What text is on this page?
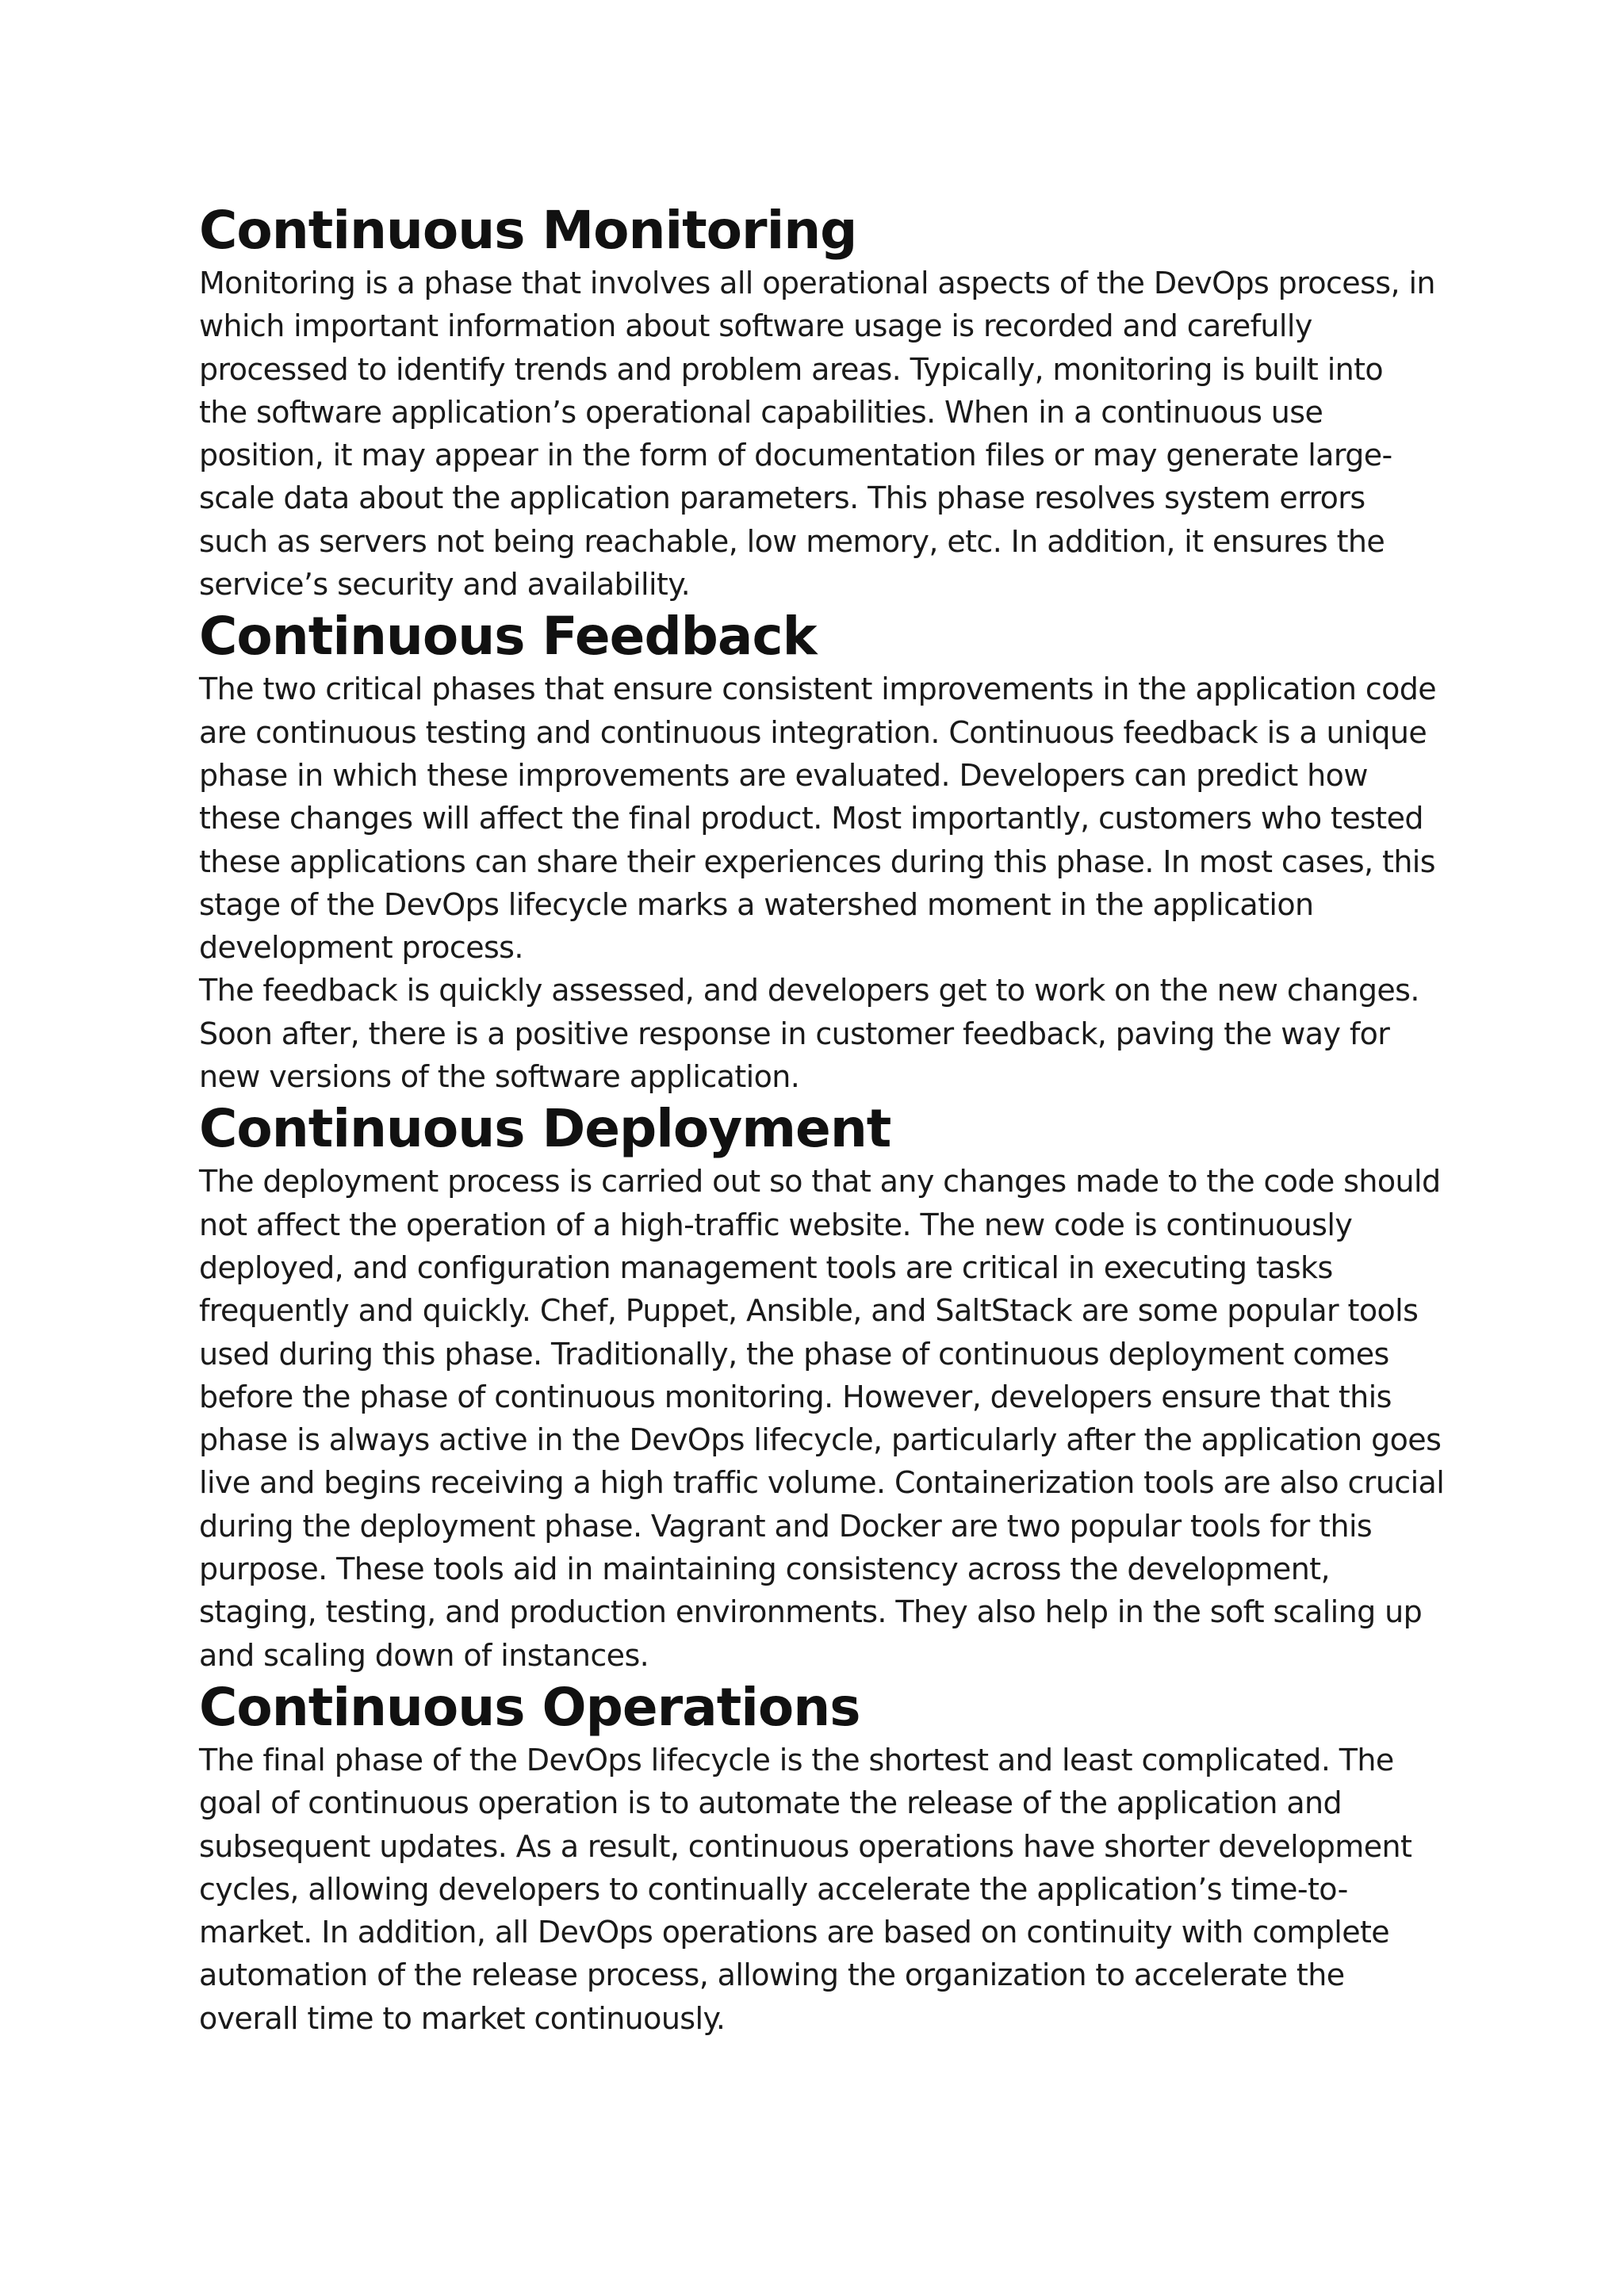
Continuous Monitoring

Monitoring is a phase that involves all operational aspects of the DevOps process, in
which important information about software usage is recorded and carefully
processed to identify trends and problem areas. Typically, monitoring is built into
the software application’s operational capabilities. When in a continuous use
position, it may appear in the form of documentation files or may generate large-
scale data about the application parameters. This phase resolves system errors
such as servers not being reachable, low memory, etc. In addition, it ensures the
service’s security and availability.

Continuous Feedback

The two critical phases that ensure consistent improvements in the application code
are continuous testing and continuous integration. Continuous feedback is a unique
phase in which these improvements are evaluated. Developers can predict how
these changes will affect the final product. Most importantly, customers who tested
these applications can share their experiences during this phase. In most cases, this
stage of the DevOps lifecycle marks a watershed moment in the application
development process.

The feedback is quickly assessed, and developers get to work on the new changes.
Soon after, there is a positive response in customer feedback, paving the way for
new versions of the software application.

Continuous Deployment

The deployment process is carried out so that any changes made to the code should
not affect the operation of a high-traffic website. The new code is continuously
deployed, and configuration management tools are critical in executing tasks
frequently and quickly. Chef, Puppet, Ansible, and SaltStack are some popular tools
used during this phase. Traditionally, the phase of continuous deployment comes
before the phase of continuous monitoring. However, developers ensure that this
phase is always active in the DevOps lifecycle, particularly after the application goes
live and begins receiving a high traffic volume. Containerization tools are also crucial
during the deployment phase. Vagrant and Docker are two popular tools for this
purpose. These tools aid in maintaining consistency across the development,
staging, testing, and production environments. They also help in the soft scaling up
and scaling down of instances.

Continuous Operations

The final phase of the DevOps lifecycle is the shortest and least complicated. The
goal of continuous operation is to automate the release of the application and
subsequent updates. As a result, continuous operations have shorter development
cycles, allowing developers to continually accelerate the application’s time-to-
market. In addition, all DevOps operations are based on continuity with complete
automation of the release process, allowing the organization to accelerate the
overall time to market continuously.
